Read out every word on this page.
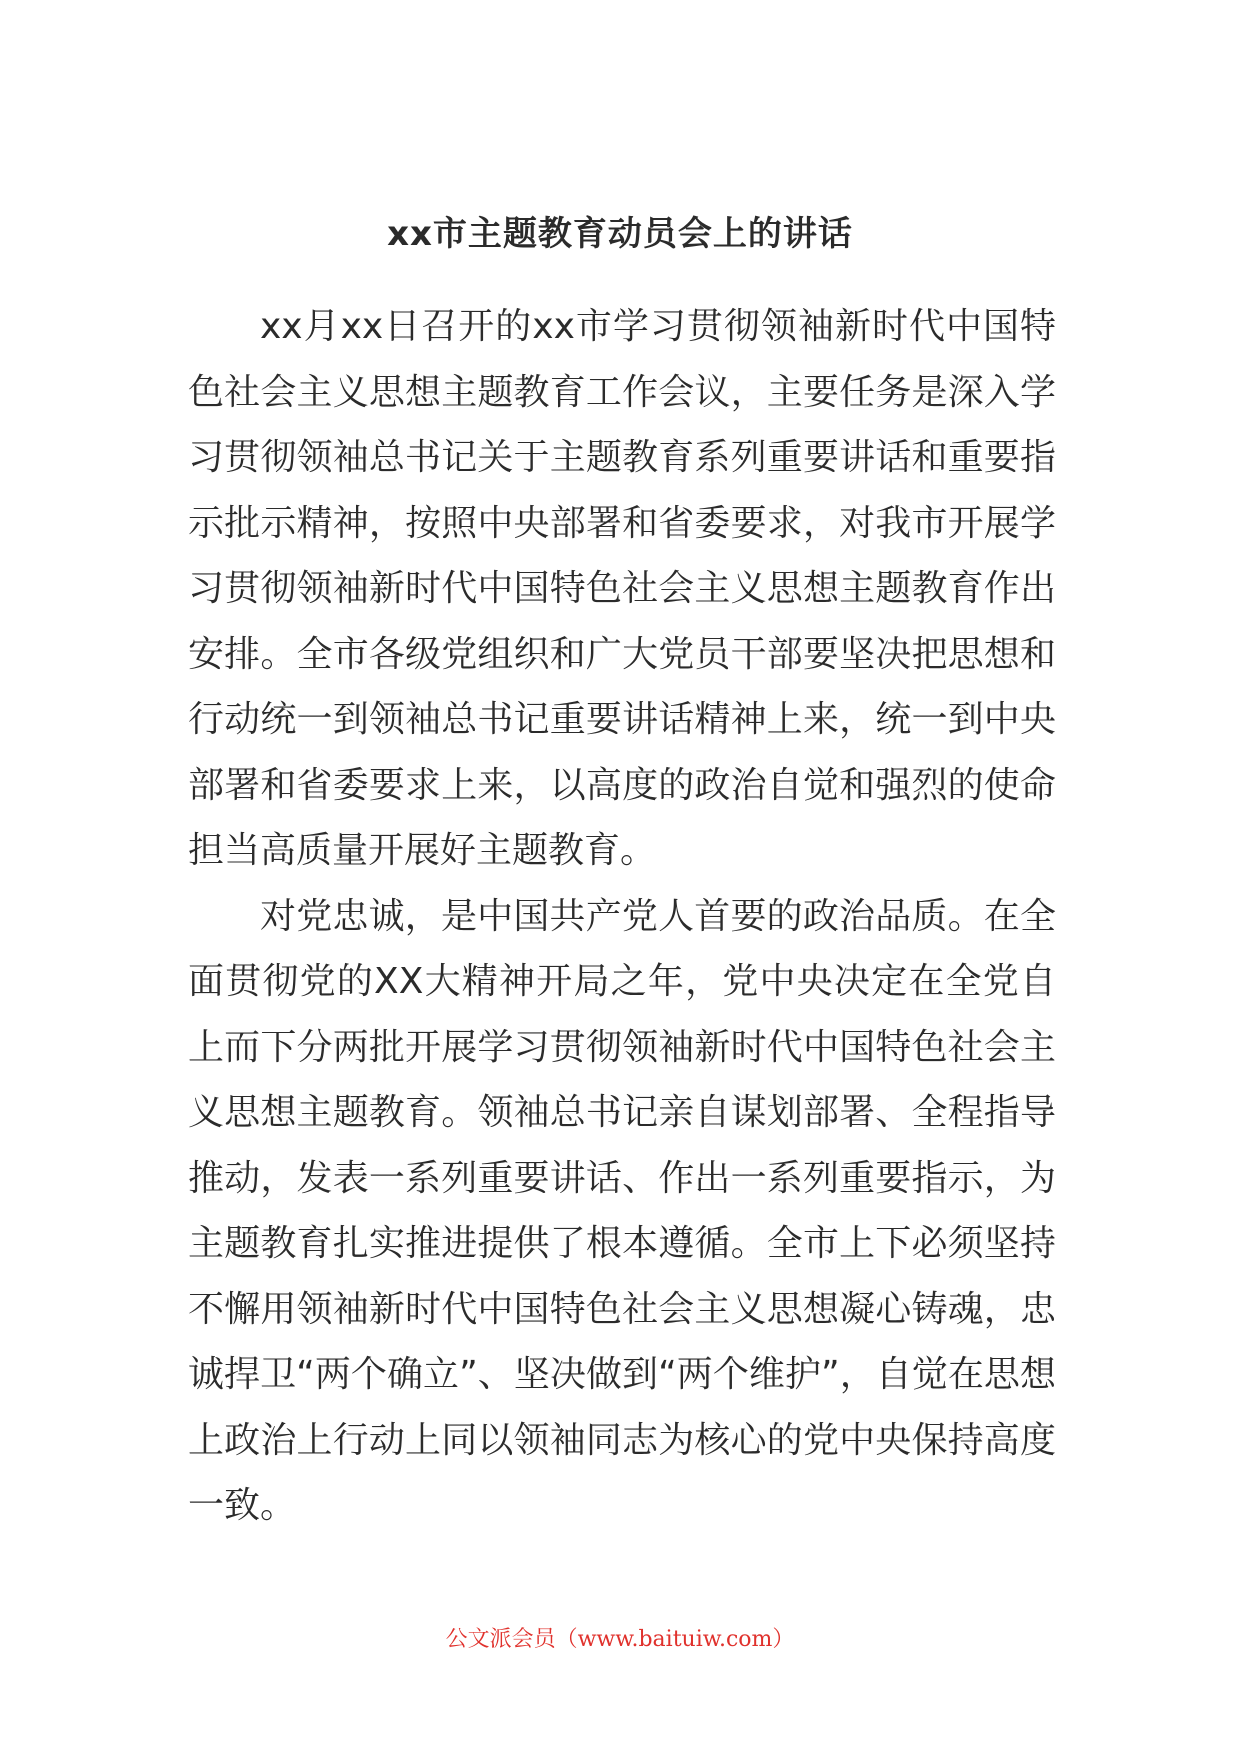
xx市主题教育动员会上的讲话

xx月xx日召开的xx市学习贯彻领袖新时代中国特色社会主义思想主题教育工作会议，主要任务是深入学习贯彻领袖总书记关于主题教育系列重要讲话和重要指示批示精神，按照中央部署和省委要求，对我市开展学习贯彻领袖新时代中国特色社会主义思想主题教育作出安排。全市各级党组织和广大党员干部要坚决把思想和行动统一到领袖总书记重要讲话精神上来，统一到中央部署和省委要求上来，以高度的政治自觉和强烈的使命担当高质量开展好主题教育。

对党忠诚，是中国共产党人首要的政治品质。在全面贯彻党的XX大精神开局之年，党中央决定在全党自上而下分两批开展学习贯彻领袖新时代中国特色社会主义思想主题教育。领袖总书记亲自谋划部署、全程指导推动，发表一系列重要讲话、作出一系列重要指示，为主题教育扎实推进提供了根本遵循。全市上下必须坚持不懈用领袖新时代中国特色社会主义思想凝心铸魂，忠诚捍卫“两个确立”、坚决做到“两个维护”，自觉在思想上政治上行动上同以领袖同志为核心的党中央保持高度一致。

公文派会员（www.baituiw.com）
